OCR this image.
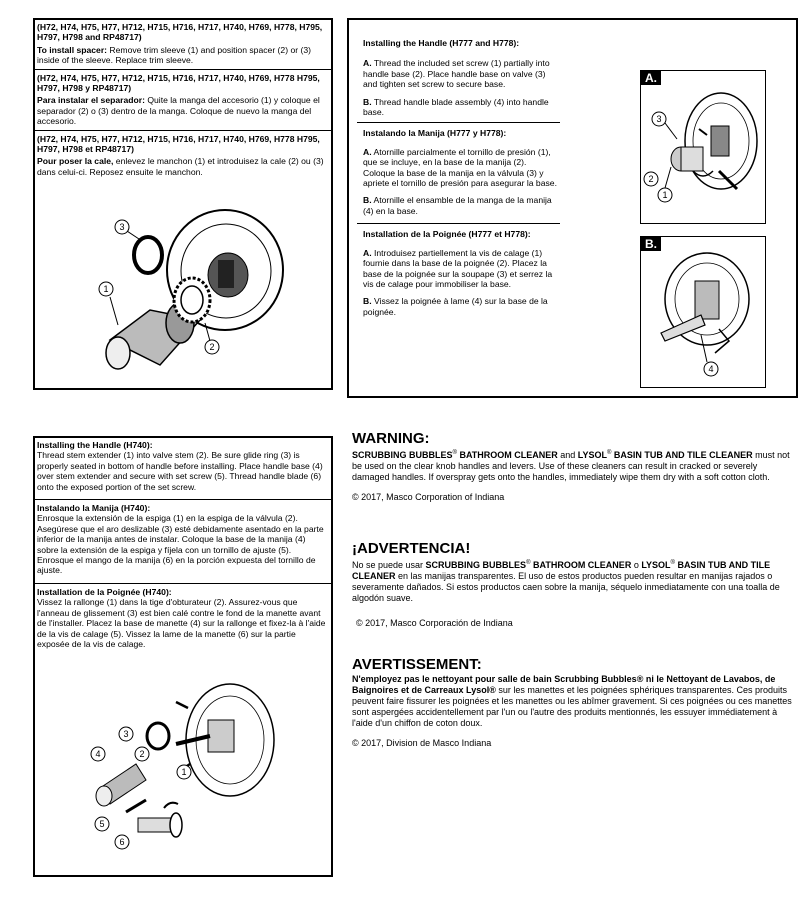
(H72, H74, H75, H77, H712, H715, H716, H717, H740, H769, H778, H795, H797, H798 and RP48717)

To install spacer: Remove trim sleeve (1) and position spacer (2) or (3) inside of the sleeve. Replace trim sleeve.

(H72, H74, H75, H77, H712, H715, H716, H717, H740, H769, H778 H795, H797, H798 y RP48717)

Para instalar el separador: Quite la manga del accesorio (1) y coloque el separador (2) o (3) dentro de la manga. Coloque de nuevo la manga del accesorio.

(H72, H74, H75, H77, H712, H715, H716, H717, H740, H769, H778 H795, H797, H798 et RP48717)

Pour poser la cale, enlevez le manchon (1) et introduisez la cale (2) ou (3) dans celui-ci. Reposez ensuite le manchon.

3
1
2

Installing the Handle (H777 and H778):

A. Thread the included set screw (1) partially into handle base (2). Place handle base on valve (3) and tighten set screw to secure base.

B. Thread handle blade assembly (4) into handle base.

Instalando la Manija (H777 y H778):

A. Atornille parcialmente el tornillo de presión (1), que se incluye, en la base de la manija (2). Coloque la base de la manija en la válvula (3) y apriete el tornillo de presión para asegurar la base.

B. Atornille el ensamble de la manga de la manija (4) en la base.

Installation de la Poignée (H777 et H778):

A. Introduisez partiellement la vis de calage (1) fournie dans la base de la poignée (2). Placez la base de la poignée sur la soupape (3) et serrez la vis de calage pour immobiliser la base.

B. Vissez la poignée à lame (4) sur la base de la poignée.

A.
3
2
1
B.
4
Installing the Handle (H740):

Thread stem extender (1) into valve stem (2). Be sure glide ring (3) is properly seated in bottom of handle before installing. Place handle base (4) over stem extender and secure with set screw (5). Thread handle blade (6) onto the exposed portion of the set screw.

Instalando la Manija (H740):

Enrosque la extensión de la espiga (1) en la espiga de la válvula (2). Asegúrese que el aro deslizable (3) esté debidamente asentado en la parte inferior de la manija antes de instalar. Coloque la base de la manija (4) sobre la extensión de la espiga y fíjela con un tornillo de ajuste (5). Enrosque el mango de la manija (6) en la porción expuesta del tornillo de ajuste.

Installation de la Poignée (H740):

Vissez la rallonge (1) dans la tige d'obturateur (2). Assurez-vous que l'anneau de glissement (3) est bien calé contre le fond de la manette avant de l'installer. Placez la base de manette (4) sur la rallonge et fixez-la à l'aide de la vis de calage (5). Vissez la lame de la manette (6) sur la partie exposée de la vis de calage.

4
3
2
1
5
6
WARNING:

SCRUBBING BUBBLES® BATHROOM CLEANER and LYSOL® BASIN TUB AND TILE CLEANER must not be used on the clear knob handles and levers. Use of these cleaners can result in cracked or severely damaged handles. If overspray gets onto the handles, immediately wipe them dry with a soft cotton cloth.

© 2017, Masco Corporation of Indiana

¡ADVERTENCIA!

No se puede usar SCRUBBING BUBBLES® BATHROOM CLEANER o LYSOL® BASIN TUB AND TILE CLEANER en las manijas transparentes. El uso de estos productos pueden resultar en manijas rajados o severamente dañados. Si estos productos caen sobre la manija, séquelo inmediatamente con una toalla de algodón suave.

© 2017, Masco Corporación de Indiana

AVERTISSEMENT:

N'employez pas le nettoyant pour salle de bain Scrubbing Bubbles® ni le Nettoyant de Lavabos, de Baignoires et de Carreaux Lysol® sur les manettes et les poignées sphériques transparentes. Ces produits peuvent faire fissurer les poignées et les manettes ou les abîmer gravement. Si ces poignées ou ces manettes sont aspergées accidentellement par l'un ou l'autre des produits mentionnés, les essuyer immédiatement à l'aide d'un chiffon de coton doux.

© 2017, Division de Masco Indiana
